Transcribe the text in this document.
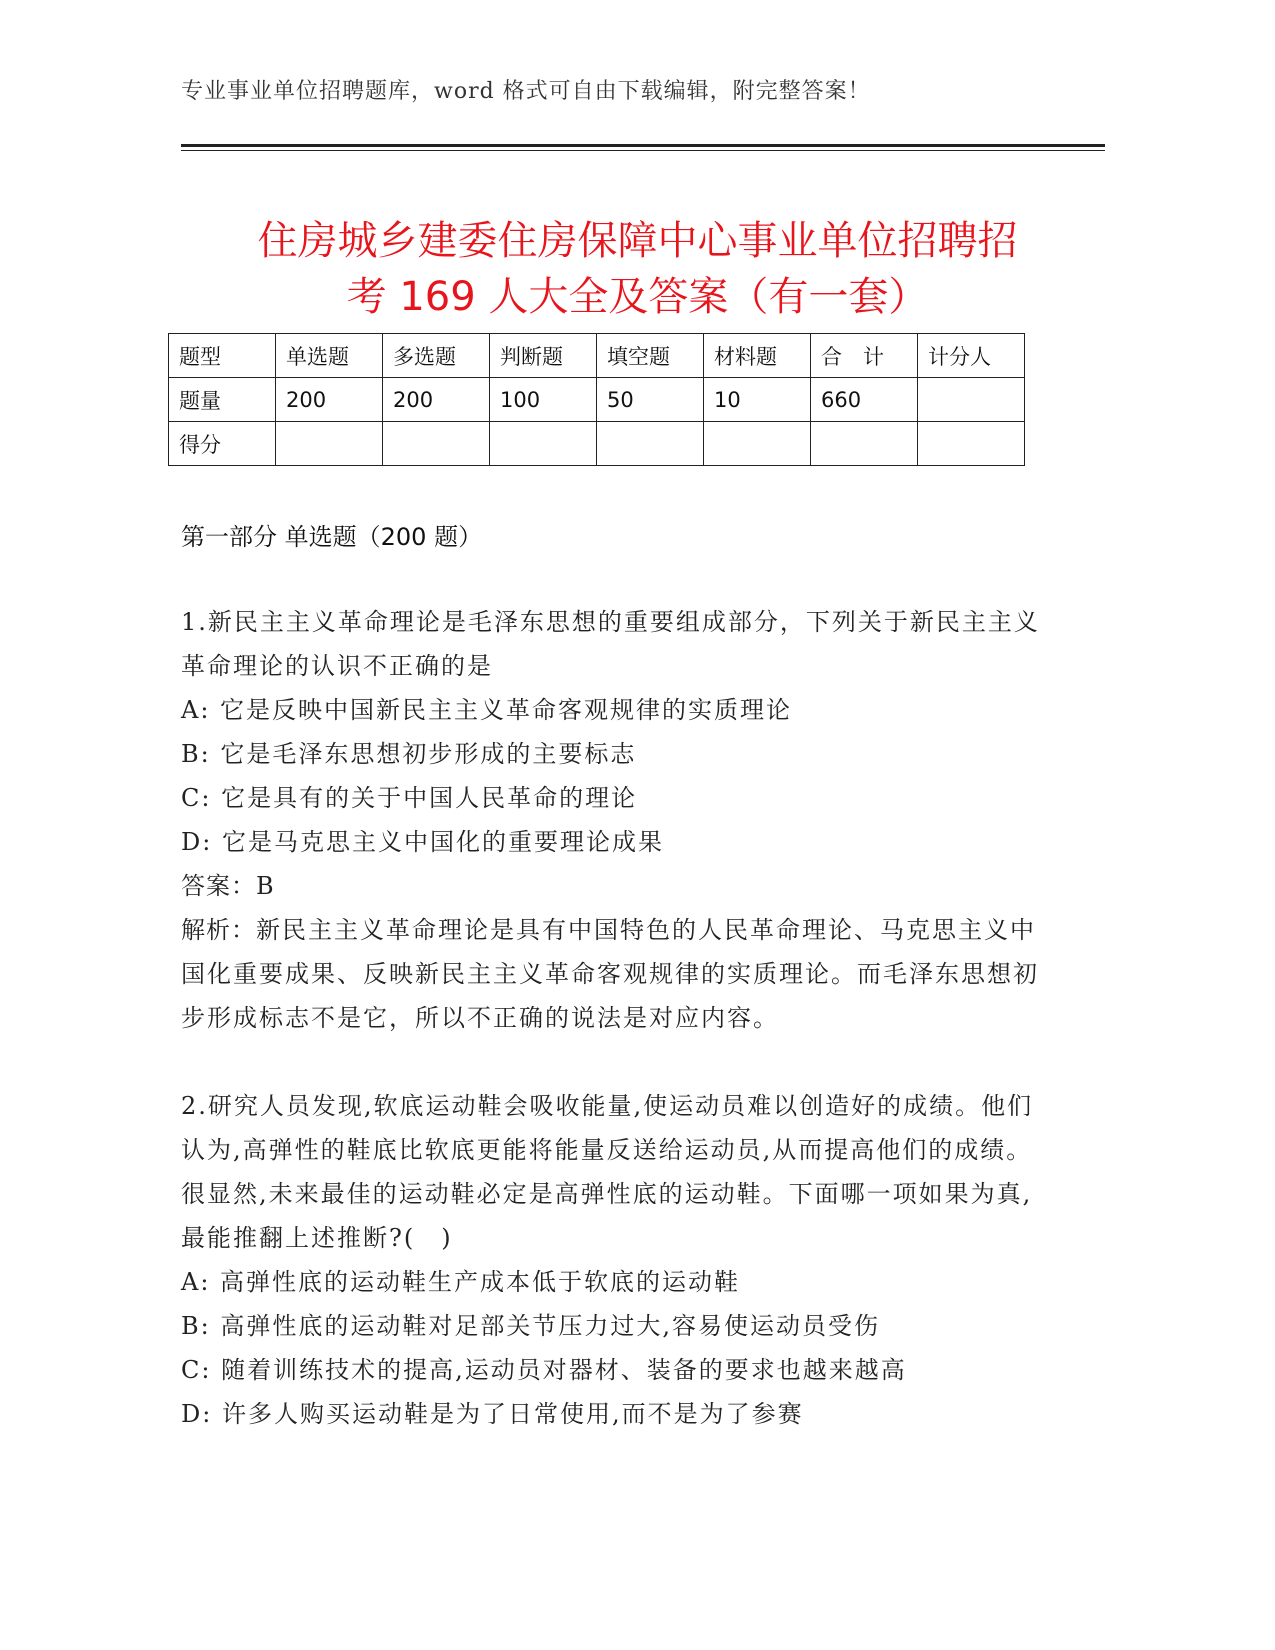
专业事业单位招聘题库，word 格式可自由下载编辑，附完整答案！
住房城乡建委住房保障中心事业单位招聘招
考 169 人大全及答案（有一套）
题型	单选题	多选题	判断题	填空题	材料题	合　计	计分人
题量	200	200	100	50	10	660	
得分							
第一部分 单选题（200 题）

1.新民主主义革命理论是毛泽东思想的重要组成部分，下列关于新民主主义革命理论的认识不正确的是

A: 它是反映中国新民主主义革命客观规律的实质理论

B: 它是毛泽东思想初步形成的主要标志

C: 它是具有的关于中国人民革命的理论

D: 它是马克思主义中国化的重要理论成果

答案：B

解析：新民主主义革命理论是具有中国特色的人民革命理论、马克思主义中国化重要成果、反映新民主主义革命客观规律的实质理论。而毛泽东思想初步形成标志不是它，所以不正确的说法是对应内容。

2.研究人员发现,软底运动鞋会吸收能量,使运动员难以创造好的成绩。他们认为,高弹性的鞋底比软底更能将能量反送给运动员,从而提高他们的成绩。很显然,未来最佳的运动鞋必定是高弹性底的运动鞋。下面哪一项如果为真,最能推翻上述推断?(　)

A: 高弹性底的运动鞋生产成本低于软底的运动鞋

B: 高弹性底的运动鞋对足部关节压力过大,容易使运动员受伤

C: 随着训练技术的提高,运动员对器材、装备的要求也越来越高

D: 许多人购买运动鞋是为了日常使用,而不是为了参赛
